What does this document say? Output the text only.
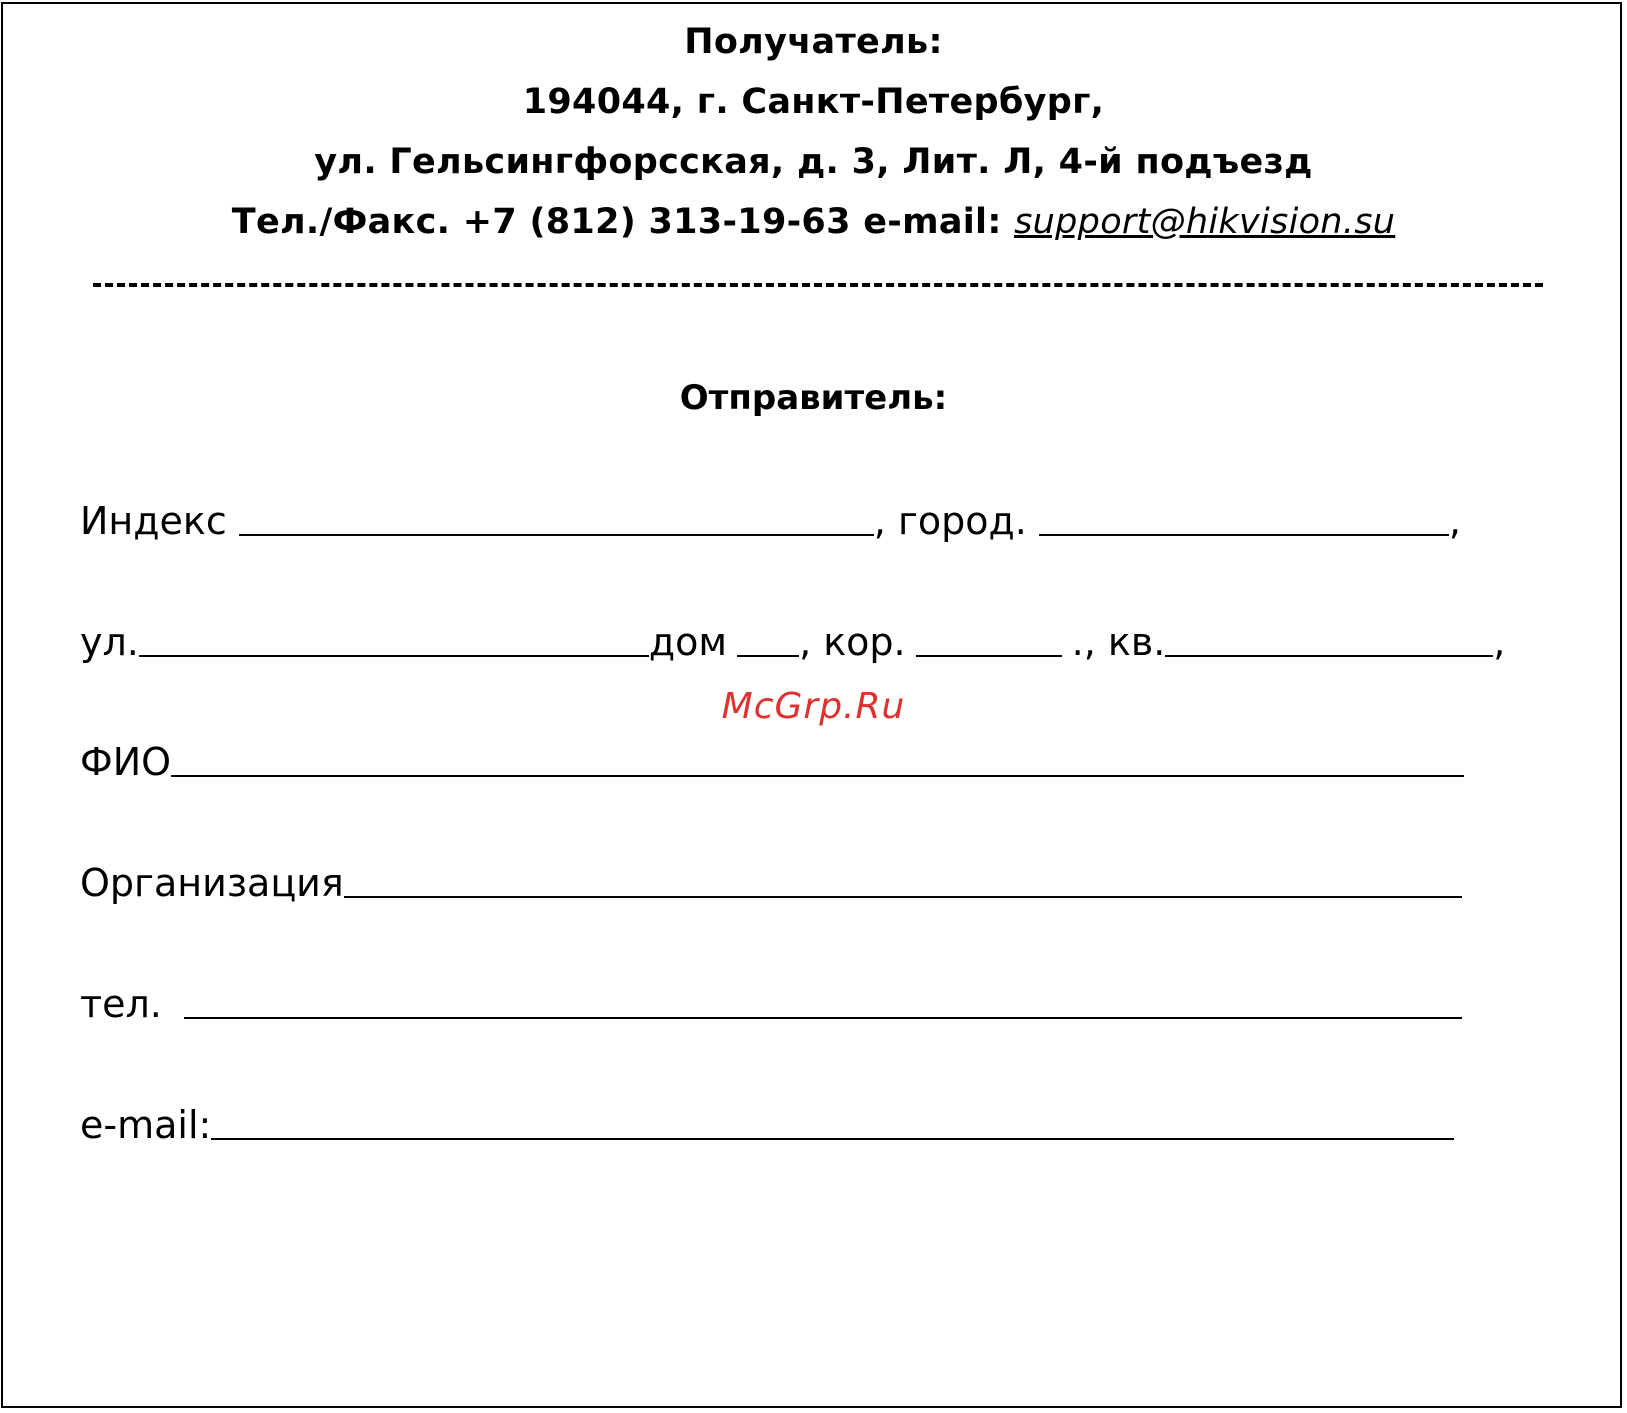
Получатель:
194044, г. Санкт-Петербург,
ул. Гельсингфорсская, д. 3, Лит. Л, 4-й подъезд
Тел./Факс. +7 (812) 313-19-63 e-mail: support@hikvision.su
Отправитель:
Индекс	, город.	,
ул.	дом , кор.	., кв.	,
McGrp.Ru
ФИО
Организация
тел.
e-mail:
